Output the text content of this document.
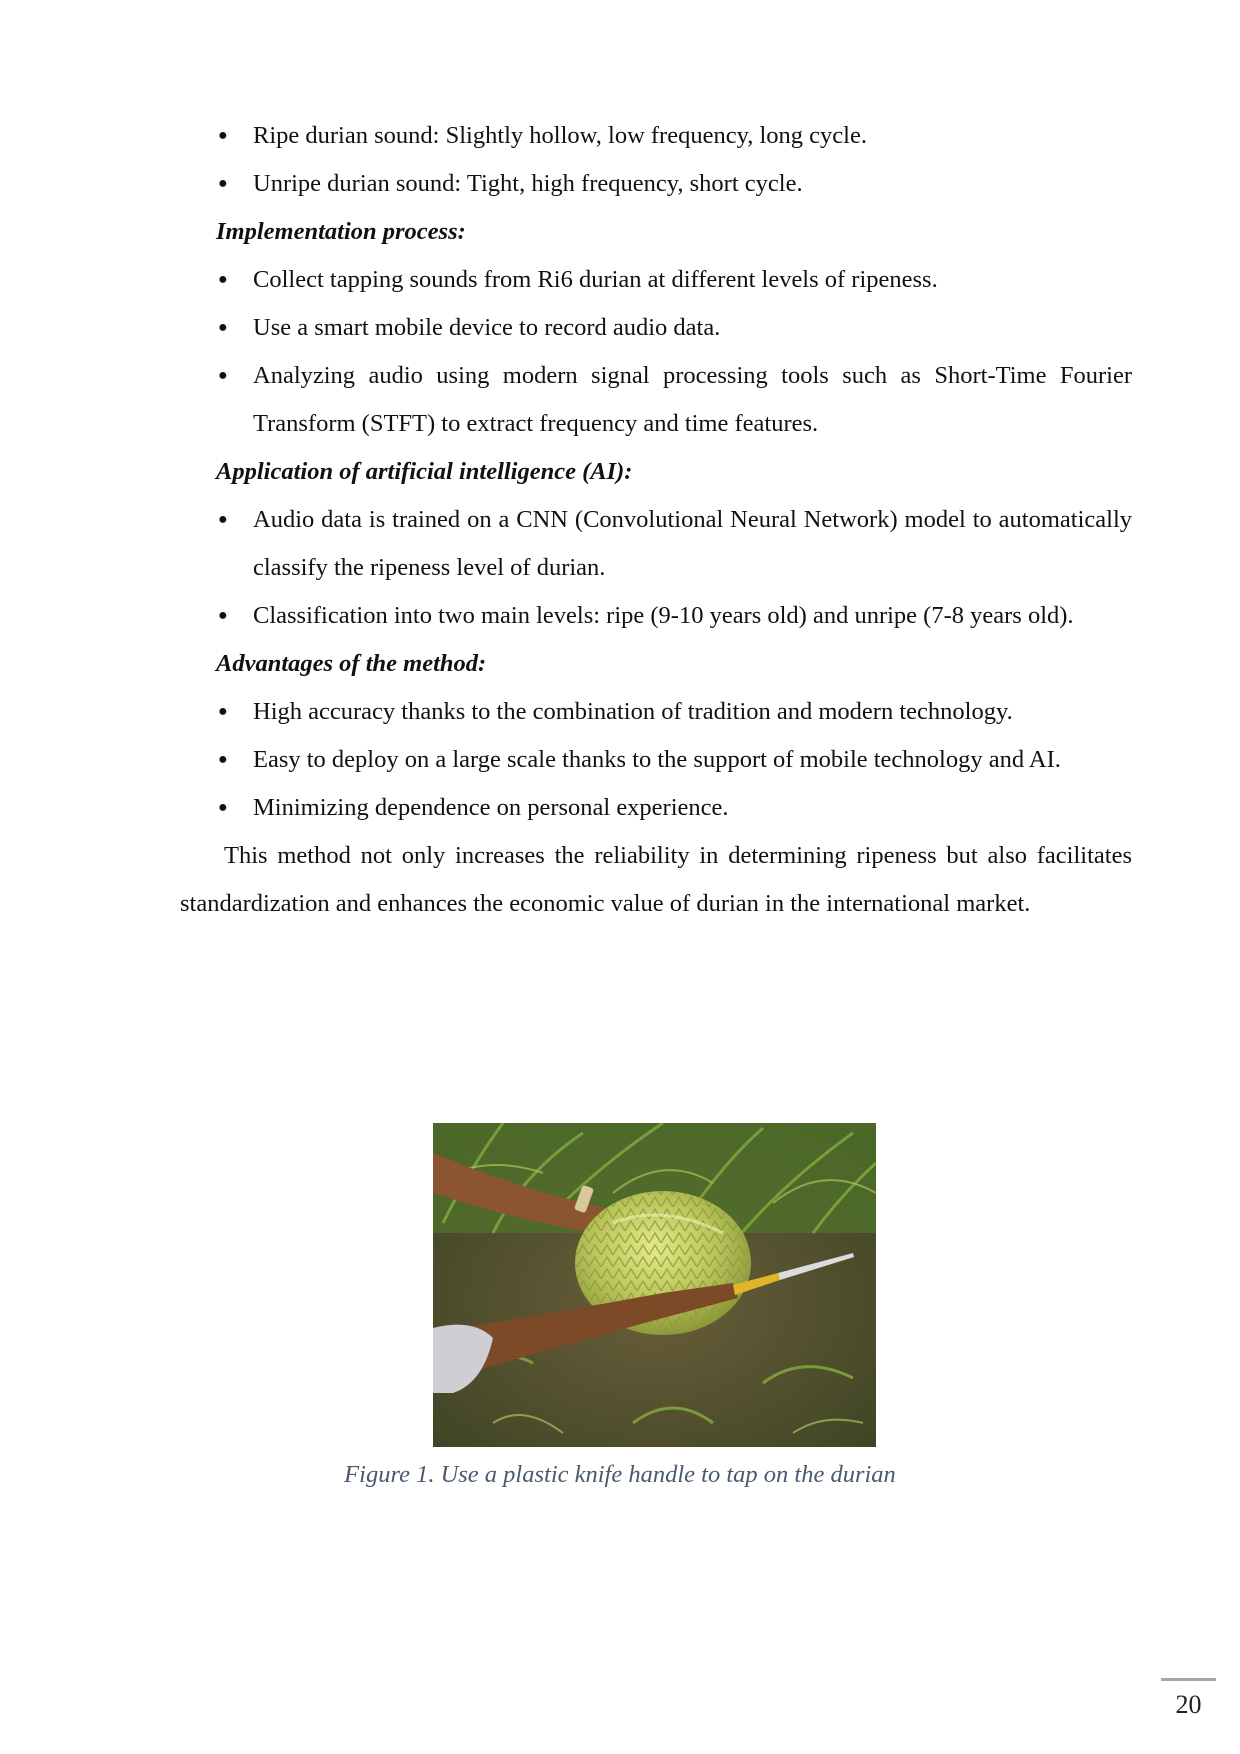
● Ripe durian sound: Slightly hollow, low frequency, long cycle.
● Unripe durian sound: Tight, high frequency, short cycle.
Implementation process:
● Collect tapping sounds from Ri6 durian at different levels of ripeness.
● Use a smart mobile device to record audio data.
● Analyzing audio using modern signal processing tools such as Short-Time Fourier Transform (STFT) to extract frequency and time features.
Application of artificial intelligence (AI):
● Audio data is trained on a CNN (Convolutional Neural Network) model to automatically classify the ripeness level of durian.
● Classification into two main levels: ripe (9-10 years old) and unripe (7-8 years old).
Advantages of the method:
● High accuracy thanks to the combination of tradition and modern technology.
● Easy to deploy on a large scale thanks to the support of mobile technology and AI.
● Minimizing dependence on personal experience.

This method not only increases the reliability in determining ripeness but also facilitates standardization and enhances the economic value of durian in the international market.

Figure 1. Use a plastic knife handle to tap on the durian
20
